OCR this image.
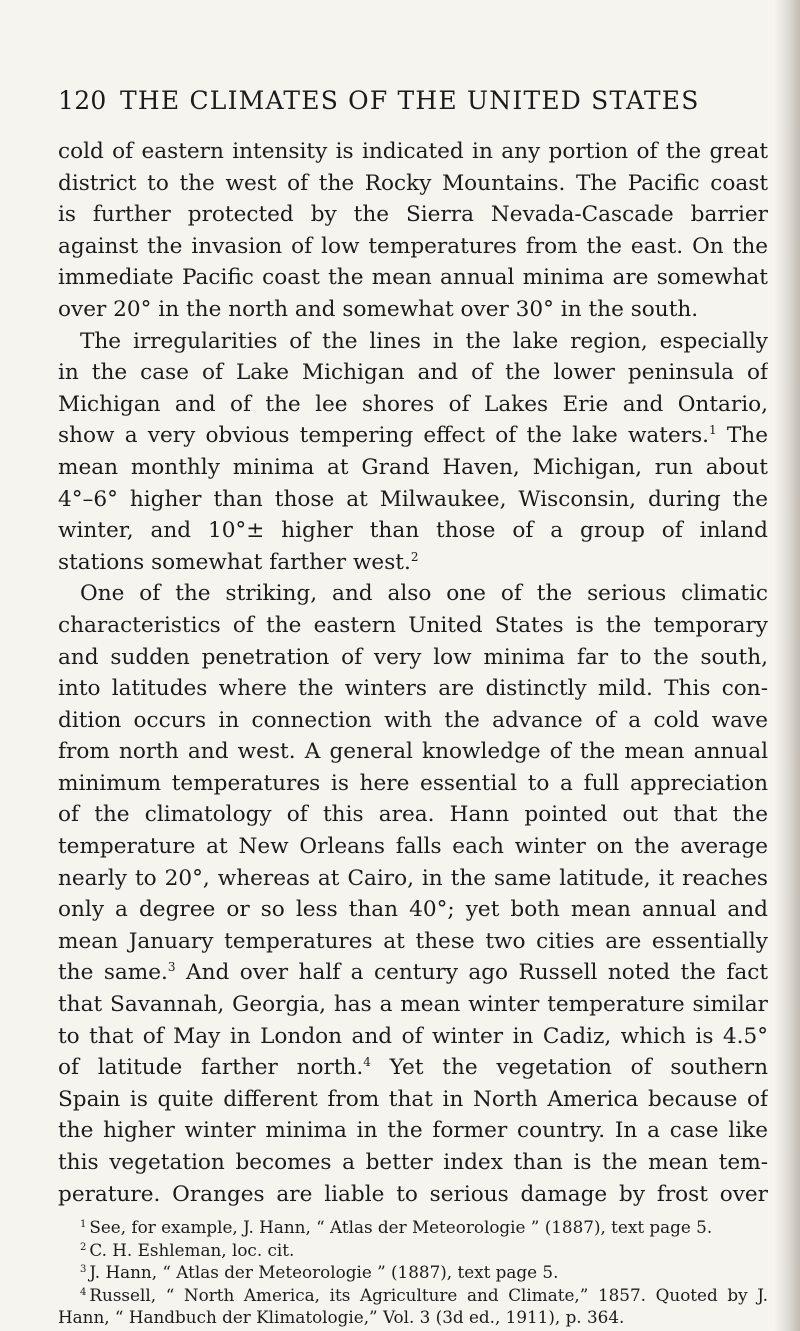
120 THE CLIMATES OF THE UNITED STATES
cold of eastern intensity is indicated in any portion of the great
district to the west of the Rocky Mountains. The Pacific coast
is further protected by the Sierra Nevada-Cascade barrier
against the invasion of low temperatures from the east. On the
immediate Pacific coast the mean annual minima are somewhat
over 20° in the north and somewhat over 30° in the south.
The irregularities of the lines in the lake region, especially
in the case of Lake Michigan and of the lower peninsula of
Michigan and of the lee shores of Lakes Erie and Ontario,
show a very obvious tempering effect of the lake waters.$^1$ The
mean monthly minima at Grand Haven, Michigan, run about
4°–6° higher than those at Milwaukee, Wisconsin, during the
winter, and 10°± higher than those of a group of inland
stations somewhat farther west.$^2$
One of the striking, and also one of the serious climatic
characteristics of the eastern United States is the temporary
and sudden penetration of very low minima far to the south,
into latitudes where the winters are distinctly mild. This con-
dition occurs in connection with the advance of a cold wave
from north and west. A general knowledge of the mean annual
minimum temperatures is here essential to a full appreciation
of the climatology of this area. Hann pointed out that the
temperature at New Orleans falls each winter on the average
nearly to 20°, whereas at Cairo, in the same latitude, it reaches
only a degree or so less than 40°; yet both mean annual and
mean January temperatures at these two cities are essentially
the same.$^3$ And over half a century ago Russell noted the fact
that Savannah, Georgia, has a mean winter temperature similar
to that of May in London and of winter in Cadiz, which is 4.5°
of latitude farther north.$^4$ Yet the vegetation of southern
Spain is quite different from that in North America because of
the higher winter minima in the former country. In a case like
this vegetation becomes a better index than is the mean tem-
perature. Oranges are liable to serious damage by frost over
$^1$ See, for example, J. Hann, “ Atlas der Meteorologie ” (1887), text page 5.
$^2$ C. H. Eshleman, loc. cit.
$^3$ J. Hann, “ Atlas der Meteorologie ” (1887), text page 5.
$^4$ Russell, “ North America, its Agriculture and Climate,” 1857. Quoted by J.
Hann, “ Handbuch der Klimatologie,” Vol. 3 (3d ed., 1911), p. 364.
